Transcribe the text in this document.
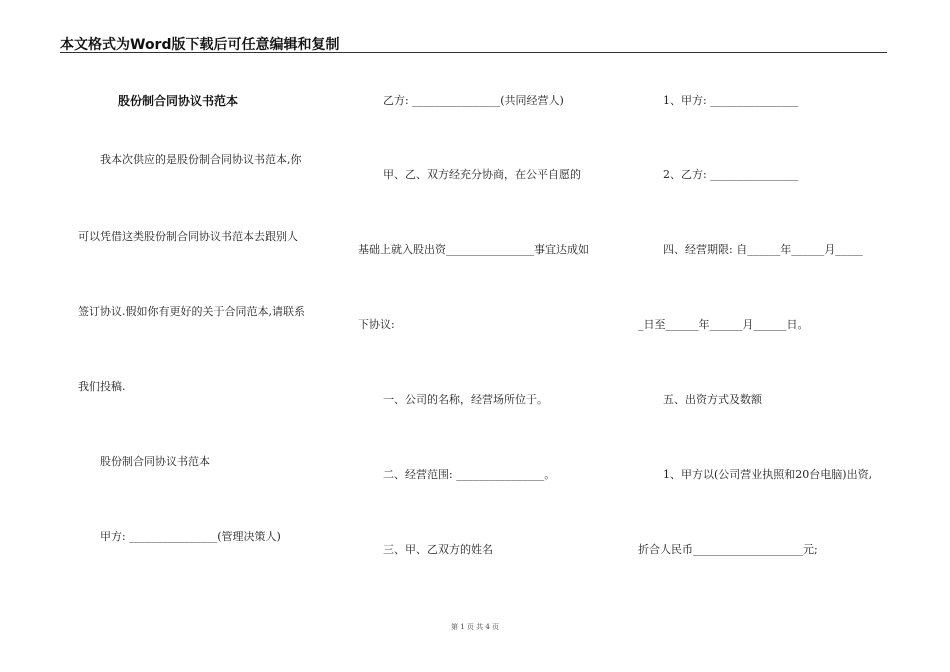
本文格式为Word版下载后可任意编辑和复制
股份制合同协议书范本
我本次供应的是股份制合同协议书范本,你
可以凭借这类股份制合同协议书范本去跟别人
签订协议.假如你有更好的关于合同范本,请联系
我们投稿.
股份制合同协议书范本
甲方: ________________(管理决策人)
乙方: ________________(共同经营人)
甲、乙、双方经充分协商，在公平自愿的
基础上就入股出资________________事宜达成如
下协议:
一、公司的名称，经营场所位于。
二、经营范围: ________________。
三、甲、乙双方的姓名
1、甲方: ________________
2、乙方: ________________
四、经营期限: 自______年______月_____
_日至______年______月______日。
五、出资方式及数额
1、甲方以(公司营业执照和20台电脑)出资,
折合人民币____________________元;
第 1 页 共 4 页
